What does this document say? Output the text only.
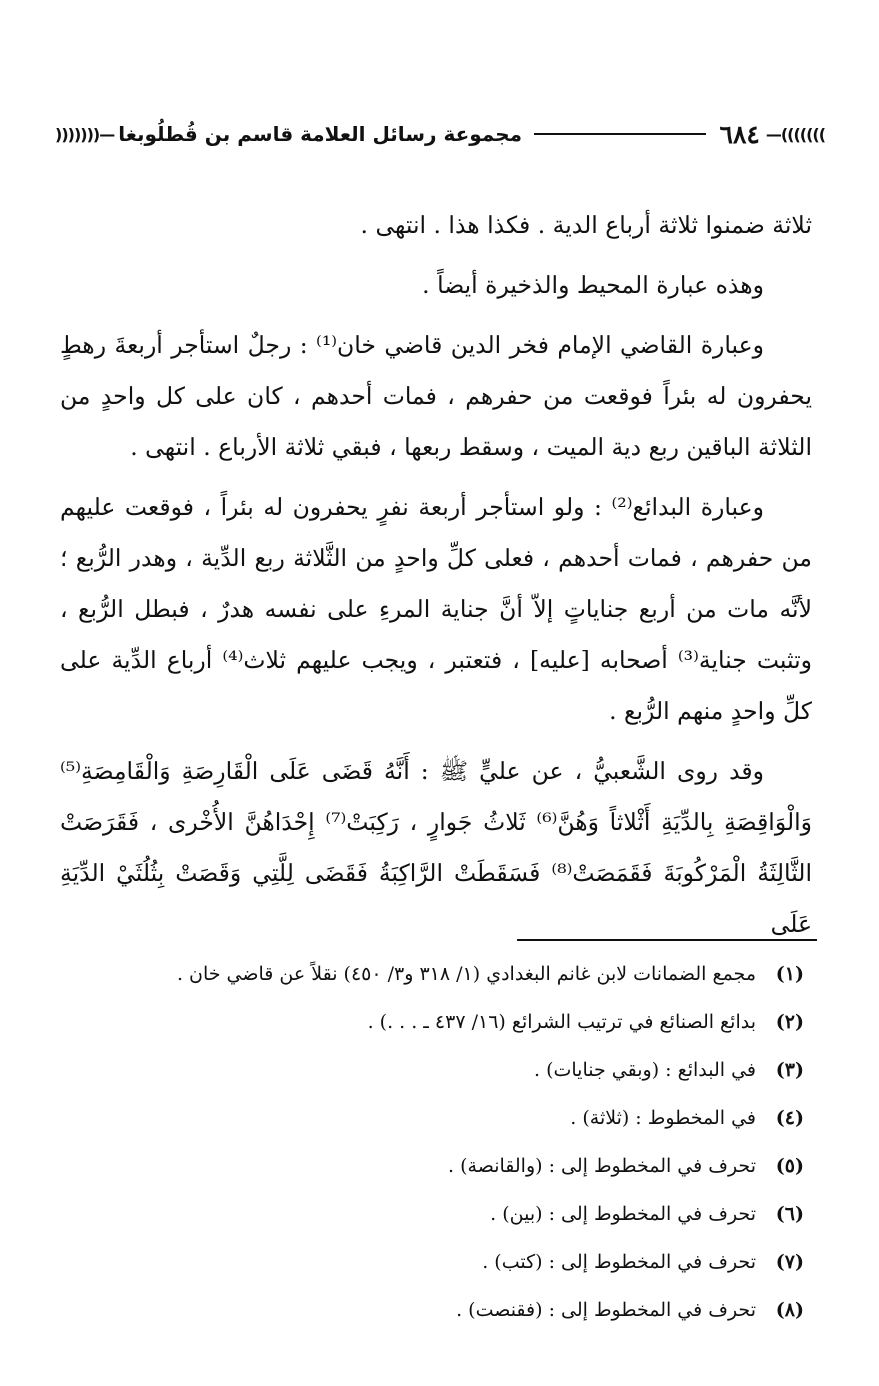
)))))))—
٦٨٤
مجموعة رسائل العلامة قاسم بن قُطلُوبغا
—(((((((

ثلاثة ضمنوا ثلاثة أرباع الدية . فكذا هذا . انتهى .

وهذه عبارة المحيط والذخيرة أيضاً .

وعبارة القاضي الإمام فخر الدين قاضي خان⁽¹⁾ : رجلٌ استأجر أربعةَ رهطٍ يحفرون له بئراً فوقعت من حفرهم ، فمات أحدهم ، كان على كل واحدٍ من الثلاثة الباقين ربع دية الميت ، وسقط ربعها ، فبقي ثلاثة الأرباع . انتهى .

وعبارة البدائع⁽²⁾ : ولو استأجر أربعة نفرٍ يحفرون له بئراً ، فوقعت عليهم من حفرهم ، فمات أحدهم ، فعلى كلِّ واحدٍ من الثَّلاثة ربع الدِّية ، وهدر الرُّبع ؛ لأنَّه مات من أربع جناياتٍ إلاّ أنَّ جناية المرءِ على نفسه هدرٌ ، فبطل الرُّبع ، وتثبت جناية⁽³⁾ أصحابه [عليه] ، فتعتبر ، ويجب عليهم ثلاث⁽⁴⁾ أرباع الدِّية على كلِّ واحدٍ منهم الرُّبع .

وقد روى الشَّعبيُّ ، عن عليٍّ ﷺ : أَنَّهُ قَضَى عَلَى الْقَارِصَةِ وَالْقَامِصَةِ⁽⁵⁾ وَالْوَاقِصَةِ بِالدِّيَةِ أَثْلاثاً وَهُنَّ⁽⁶⁾ ثَلاثُ جَوارٍ ، رَكِبَتْ⁽⁷⁾ إِحْدَاهُنَّ الأُخْرى ، فَقَرَصَتْ الثَّالِثَةُ الْمَرْكُوبَةَ فَقَمَصَتْ⁽⁸⁾ فَسَقَطَتْ الرَّاكِبَةُ فَقَضَى لِلَّتِي وَقَصَتْ بِثُلُثَيْ الدِّيَةِ عَلَى

(١)
مجمع الضمانات لابن غانم البغدادي (١/ ٣١٨ و٣/ ٤٥٠) نقلاً عن قاضي خان .
(٢)
بدائع الصنائع في ترتيب الشرائع (١٦/ ٤٣٧ ـ . . .) .
(٣)
في البدائع : (وبقي جنايات) .
(٤)
في المخطوط : (ثلاثة) .
(٥)
تحرف في المخطوط إلى : (والقانصة) .
(٦)
تحرف في المخطوط إلى : (بين) .
(٧)
تحرف في المخطوط إلى : (كتب) .
(٨)
تحرف في المخطوط إلى : (فقنصت) .
